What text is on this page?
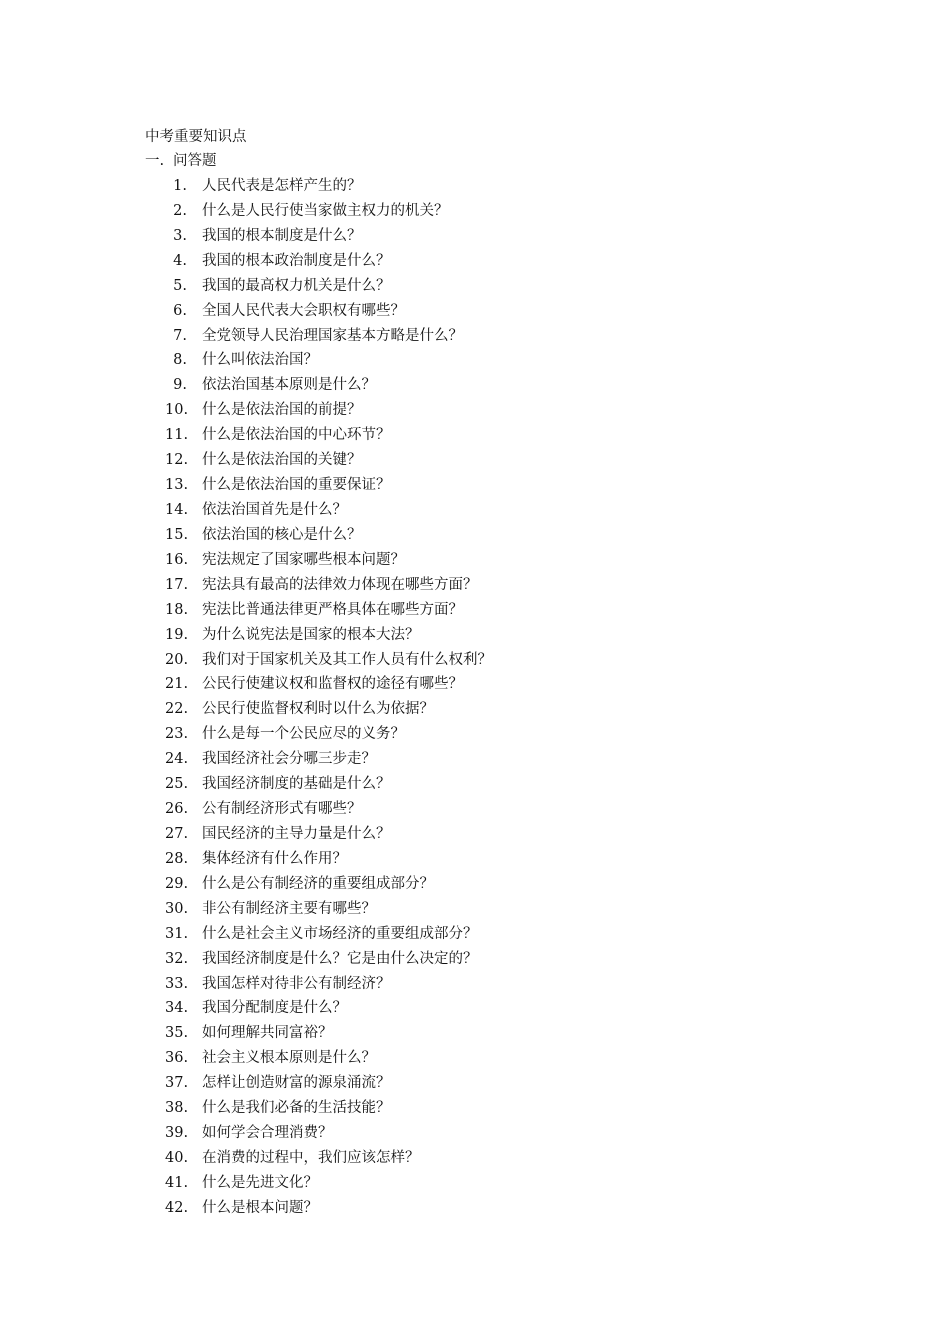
中考重要知识点
一. 问答题
1. 人民代表是怎样产生的？
2. 什么是人民行使当家做主权力的机关？
3. 我国的根本制度是什么？
4. 我国的根本政治制度是什么？
5. 我国的最高权力机关是什么？
6. 全国人民代表大会职权有哪些？
7. 全党领导人民治理国家基本方略是什么？
8. 什么叫依法治国？
9. 依法治国基本原则是什么？
10. 什么是依法治国的前提？
11. 什么是依法治国的中心环节？
12. 什么是依法治国的关键？
13. 什么是依法治国的重要保证？
14. 依法治国首先是什么？
15. 依法治国的核心是什么？
16. 宪法规定了国家哪些根本问题？
17. 宪法具有最高的法律效力体现在哪些方面？
18. 宪法比普通法律更严格具体在哪些方面？
19. 为什么说宪法是国家的根本大法？
20. 我们对于国家机关及其工作人员有什么权利？
21. 公民行使建议权和监督权的途径有哪些？
22. 公民行使监督权利时以什么为依据？
23. 什么是每一个公民应尽的义务？
24. 我国经济社会分哪三步走？
25. 我国经济制度的基础是什么？
26. 公有制经济形式有哪些？
27. 国民经济的主导力量是什么？
28. 集体经济有什么作用？
29. 什么是公有制经济的重要组成部分？
30. 非公有制经济主要有哪些？
31. 什么是社会主义市场经济的重要组成部分？
32. 我国经济制度是什么？它是由什么决定的？
33. 我国怎样对待非公有制经济？
34. 我国分配制度是什么？
35. 如何理解共同富裕？
36. 社会主义根本原则是什么？
37. 怎样让创造财富的源泉涌流？
38. 什么是我们必备的生活技能？
39. 如何学会合理消费？
40. 在消费的过程中，我们应该怎样？
41. 什么是先进文化？
42. 什么是根本问题？
